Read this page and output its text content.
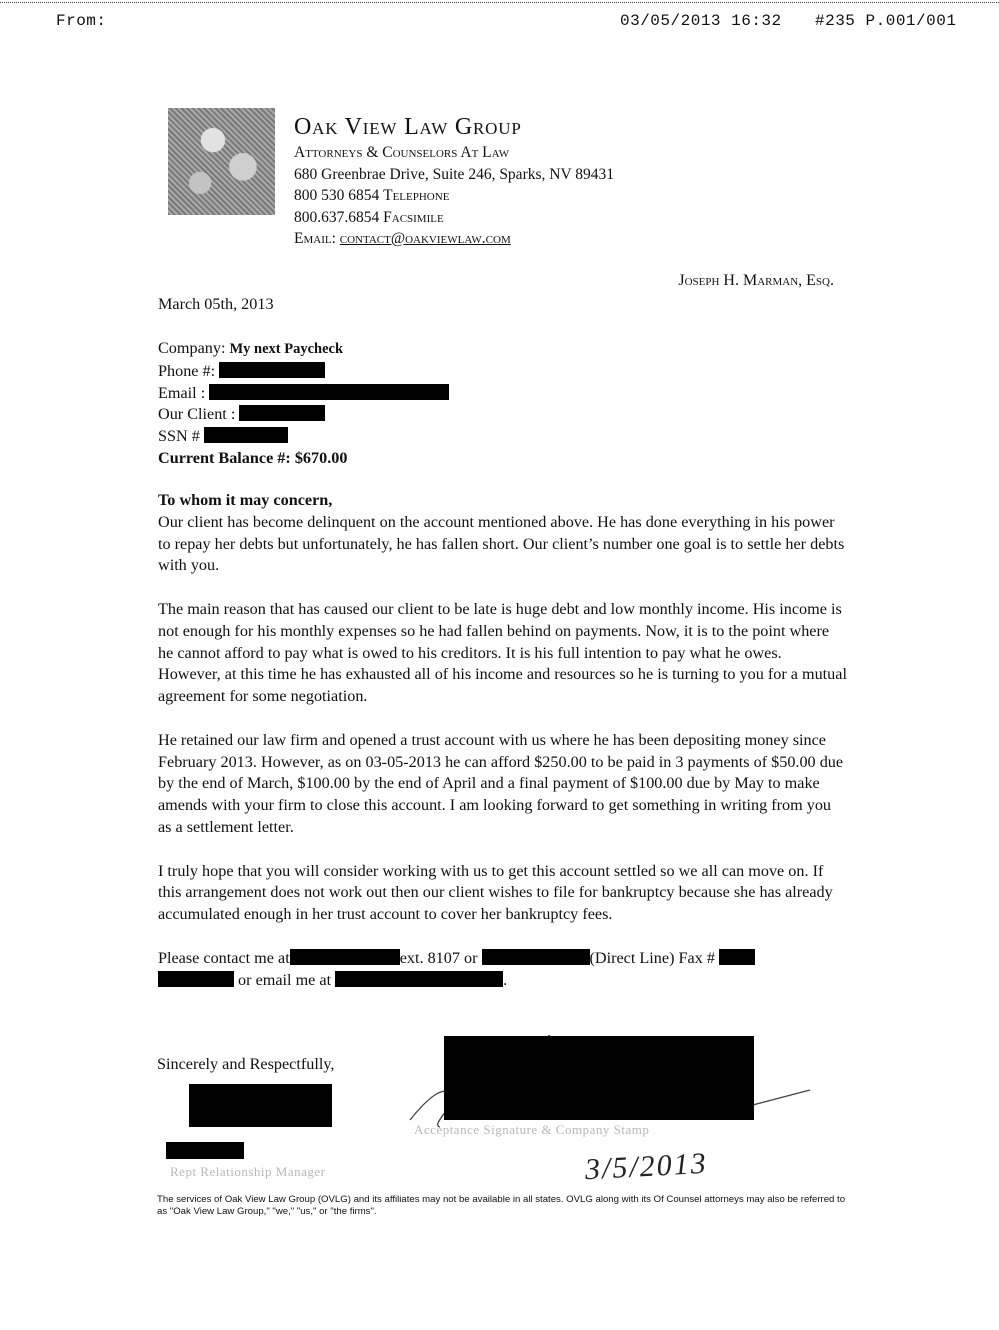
From:	03/05/2013 16:32 #235 P.001/001
Oak View Law Group
Attorneys & Counselors At Law
680 Greenbrae Drive, Suite 246, Sparks, NV 89431
800 530 6854 Telephone
800.637.6854 Facsimile
Email: contact@oakviewlaw.com
Joseph H. Marman, Esq.
March 05th, 2013
Company: My next Paycheck
Phone #:
Email :
Our Client :
SSN #
Current Balance #: $670.00
To whom it may concern,

Our client has become delinquent on the account mentioned above. He has done everything in his power to repay her debts but unfortunately, he has fallen short. Our client’s number one goal is to settle her debts with you.

The main reason that has caused our client to be late is huge debt and low monthly income. His income is not enough for his monthly expenses so he had fallen behind on payments. Now, it is to the point where he cannot afford to pay what is owed to his creditors. It is his full intention to pay what he owes. However, at this time he has exhausted all of his income and resources so he is turning to you for a mutual agreement for some negotiation.

He retained our law firm and opened a trust account with us where he has been depositing money since February 2013. However, as on 03-05-2013 he can afford $250.00 to be paid in 3 payments of $50.00 due by the end of March, $100.00 by the end of April and a final payment of $100.00 due by May to make amends with your firm to close this account. I am looking forward to get something in writing from you as a settlement letter.

I truly hope that you will consider working with us to get this account settled so we all can move on. If this arrangement does not work out then our client wishes to file for bankruptcy because she has already accumulated enough in her trust account to cover her bankruptcy fees.

Please contact me at	ext. 8107 or	(Direct Line) Fax #
or email me at	.
Sincerely and Respectfully,
Acceptance Signature & Company Stamp
Rept Relationship Manager	3/5/2013
The services of Oak View Law Group (OVLG) and its affiliates may not be available in all states. OVLG along with its Of Counsel attorneys may also be referred to as "Oak View Law Group," "we," "us," or "the firms".
